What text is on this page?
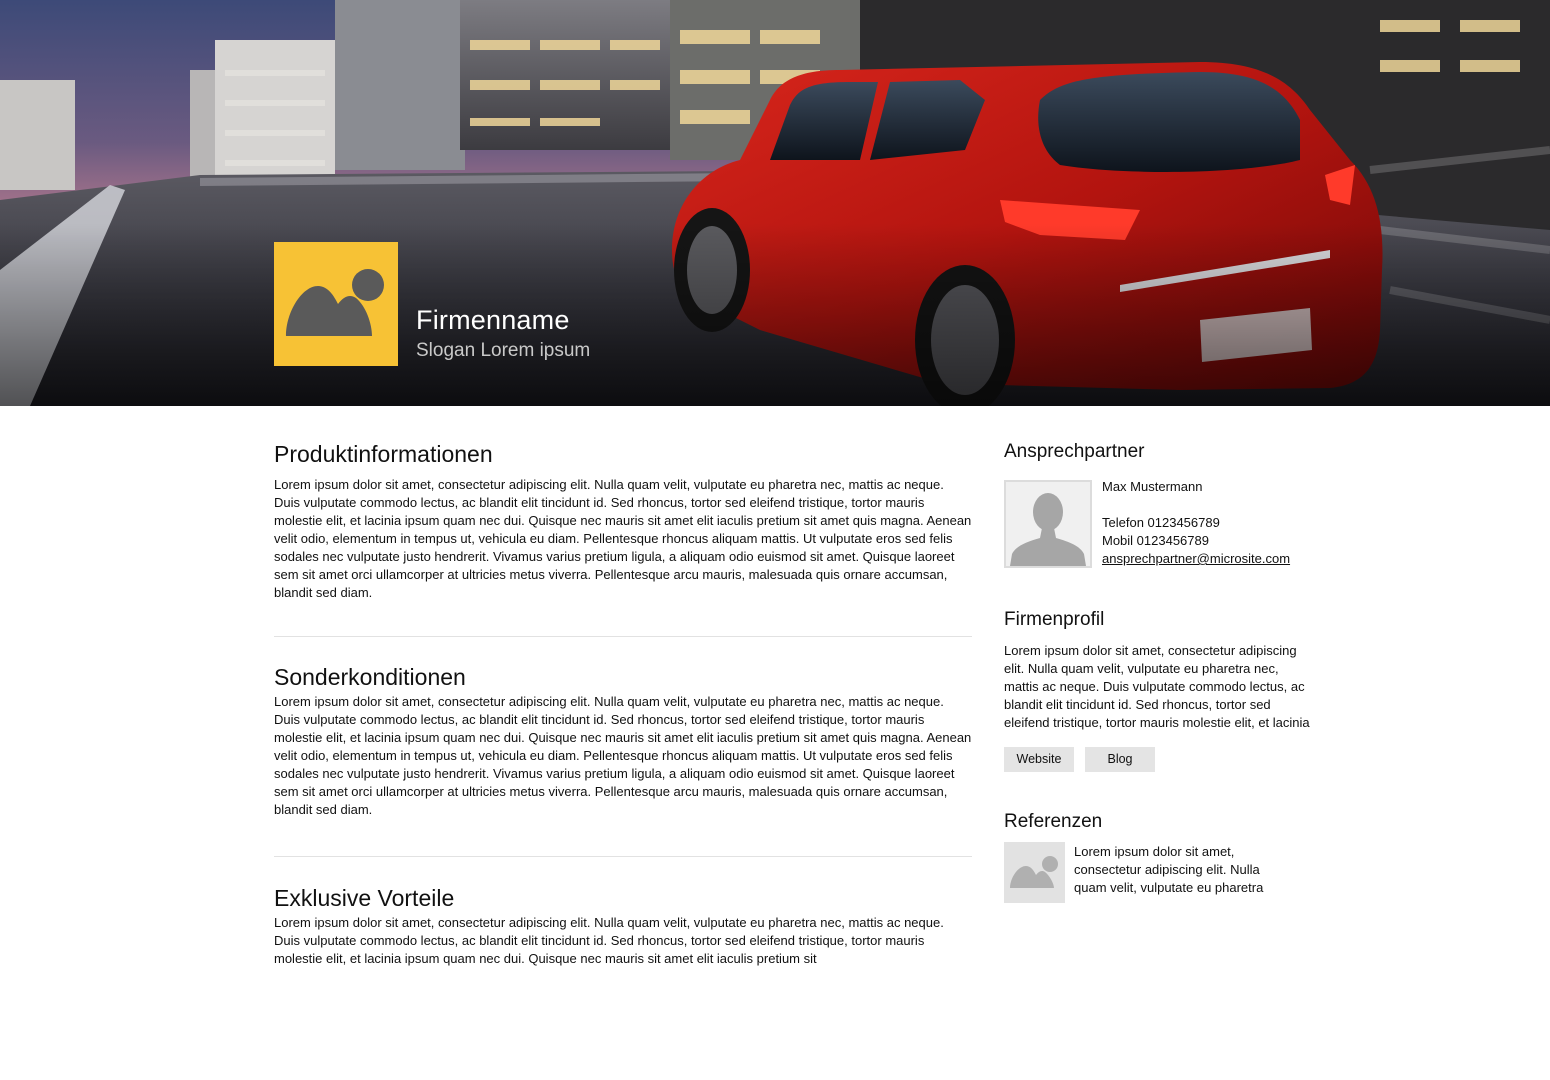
Firmenname
Slogan Lorem ipsum
Produktinformationen

Lorem ipsum dolor sit amet, consectetur adipiscing elit. Nulla quam velit, vulputate eu pharetra nec, mattis ac neque. Duis vulputate commodo lectus, ac blandit elit tincidunt id. Sed rhoncus, tortor sed eleifend tristique, tortor mauris molestie elit, et lacinia ipsum quam nec dui. Quisque nec mauris sit amet elit iaculis pretium sit amet quis magna. Aenean velit odio, elementum in tempus ut, vehicula eu diam. Pellentesque rhoncus aliquam mattis. Ut vulputate eros sed felis sodales nec vulputate justo hendrerit. Vivamus varius pretium ligula, a aliquam odio euismod sit amet. Quisque laoreet sem sit amet orci ullamcorper at ultricies metus viverra. Pellentesque arcu mauris, malesuada quis ornare accumsan, blandit sed diam.

Sonderkonditionen

Lorem ipsum dolor sit amet, consectetur adipiscing elit. Nulla quam velit, vulputate eu pharetra nec, mattis ac neque. Duis vulputate commodo lectus, ac blandit elit tincidunt id. Sed rhoncus, tortor sed eleifend tristique, tortor mauris molestie elit, et lacinia ipsum quam nec dui. Quisque nec mauris sit amet elit iaculis pretium sit amet quis magna. Aenean velit odio, elementum in tempus ut, vehicula eu diam. Pellentesque rhoncus aliquam mattis. Ut vulputate eros sed felis sodales nec vulputate justo hendrerit. Vivamus varius pretium ligula, a aliquam odio euismod sit amet. Quisque laoreet sem sit amet orci ullamcorper at ultricies metus viverra. Pellentesque arcu mauris, malesuada quis ornare accumsan, blandit sed diam.

Exklusive Vorteile

Lorem ipsum dolor sit amet, consectetur adipiscing elit. Nulla quam velit, vulputate eu pharetra nec, mattis ac neque. Duis vulputate commodo lectus, ac blandit elit tincidunt id. Sed rhoncus, tortor sed eleifend tristique, tortor mauris molestie elit, et lacinia ipsum quam nec dui. Quisque nec mauris sit amet elit iaculis pretium sit

Ansprechpartner
Max Mustermann
Telefon 0123456789
Mobil 0123456789
ansprechpartner@microsite.com
Firmenprofil

Lorem ipsum dolor sit amet, consectetur adipiscing elit. Nulla quam velit, vulputate eu pharetra nec, mattis ac neque. Duis vulputate commodo lectus, ac blandit elit tincidunt id. Sed rhoncus, tortor sed eleifend tristique, tortor mauris molestie elit, et lacinia

Website	Blog
Referenzen

Lorem ipsum dolor sit amet, consectetur adipiscing elit. Nulla quam velit, vulputate eu pharetra
